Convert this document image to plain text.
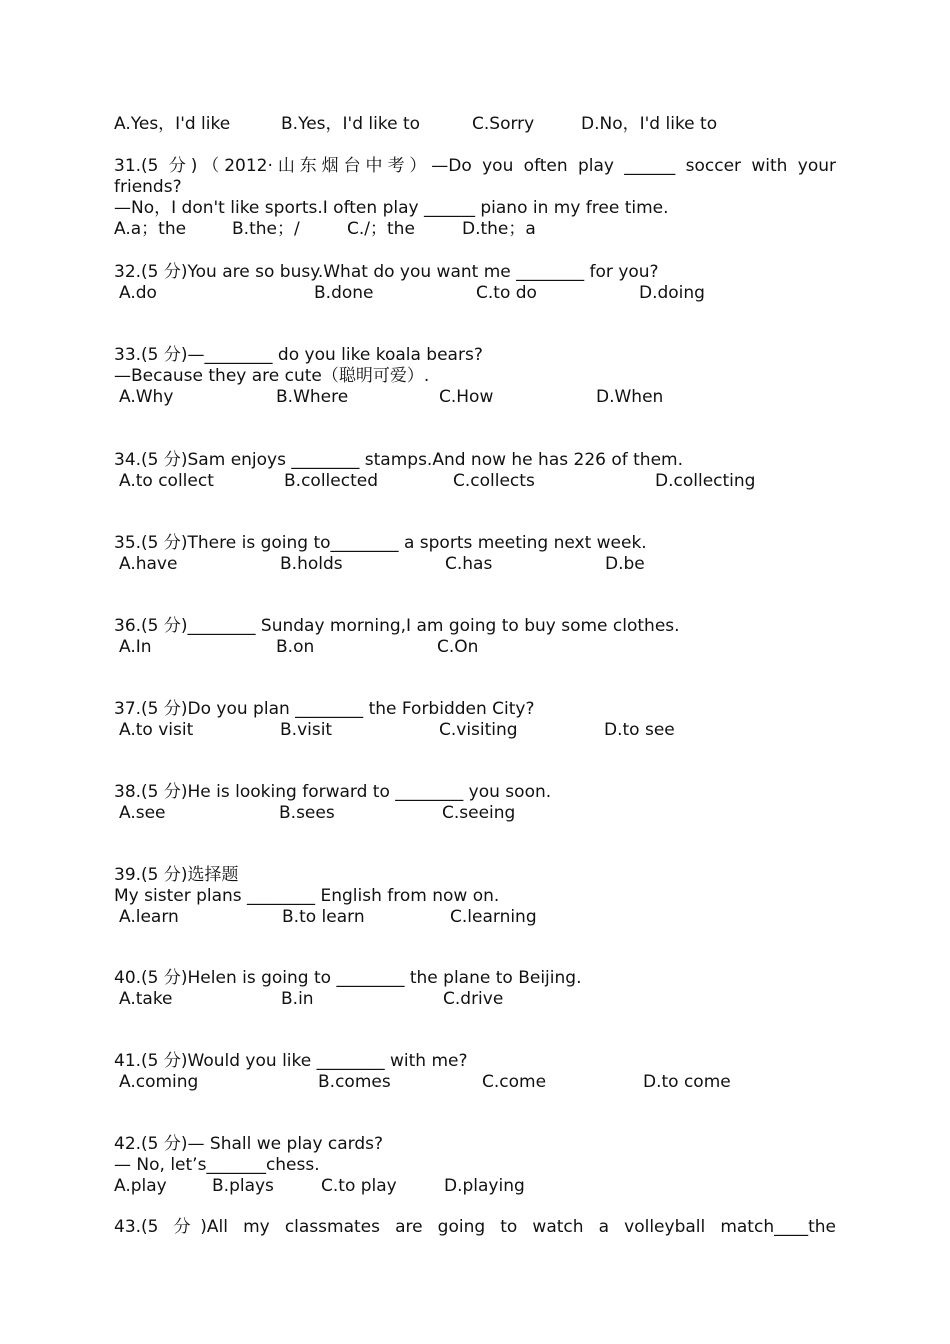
A.Yes，I'd like	B.Yes，I'd like to	C.Sorry	D.No，I'd like to
31.(5 分)（2012·山东烟台中考）—Do you often play ______ soccer with your
friends?
—No，I don't like sports.I often play ______ piano in my free time.
A.a；the	B.the；/	C./；the	D.the；a
32.(5 分)You are so busy.What do you want me ________ for you?
A.do	B.done	C.to do	D.doing
33.(5 分)—________ do you like koala bears?
—Because they are cute（聪明可爱）.
A.Why	B.Where	C.How	D.When
34.(5 分)Sam enjoys ________ stamps.And now he has 226 of them.
A.to collect	B.collected	C.collects	D.collecting
35.(5 分)There is going to________ a sports meeting next week.
A.have	B.holds	C.has	D.be
36.(5 分)________ Sunday morning,I am going to buy some clothes.
A.In	B.on	C.On
37.(5 分)Do you plan ________ the Forbidden City?
A.to visit	B.visit	C.visiting	D.to see
38.(5 分)He is looking forward to ________ you soon.
A.see	B.sees	C.seeing
39.(5 分)选择题
My sister plans ________ English from now on.
A.learn	B.to learn	C.learning
40.(5 分)Helen is going to ________ the plane to Beijing.
A.take	B.in	C.drive
41.(5 分)Would you like ________ with me?
A.coming	B.comes	C.come	D.to come
42.(5 分)— Shall we play cards?
— No, let’s_______chess.
A.play	B.plays	C.to play	D.playing
43.(5 分)All my classmates are going to watch a volleyball match____the
